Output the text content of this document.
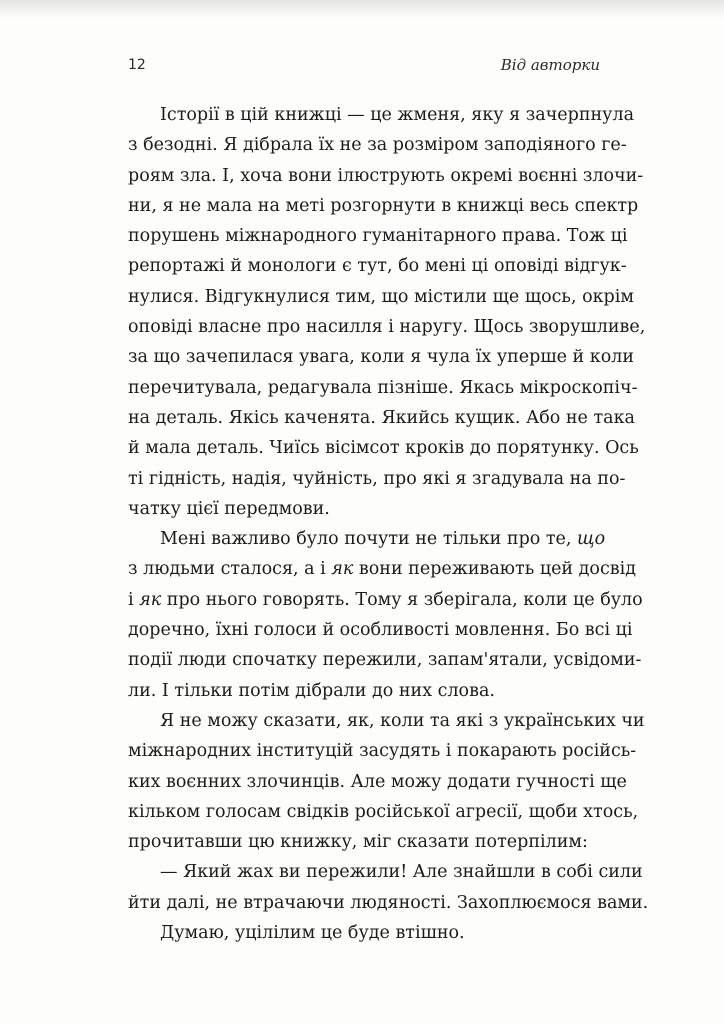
12	Від авторки
Історії в цій книжці — це жменя, яку я зачерпнула
з безодні. Я дібрала їх не за розміром заподіяного ге-
роям зла. І, хоча вони ілюструють окремі воєнні злочи-
ни, я не мала на меті розгорнути в книжці весь спектр
порушень міжнародного гуманітарного права. Тож ці
репортажі й монологи є тут, бо мені ці оповіді відгук-
нулися. Відгукнулися тим, що містили ще щось, окрім
оповіді власне про насилля і наругу. Щось зворушливе,
за що зачепилася увага, коли я чула їх уперше й коли
перечитувала, редагувала пізніше. Якась мікроскопіч-
на деталь. Якісь каченята. Якийсь кущик. Або не така
й мала деталь. Чиїсь вісімсот кроків до порятунку. Ось
ті гідність, надія, чуйність, про які я згадувала на по-
чатку цієї передмови.
Мені важливо було почути не тільки про те, що
з людьми сталося, а і як вони переживають цей досвід
і як про нього говорять. Тому я зберігала, коли це було
доречно, їхні голоси й особливості мовлення. Бо всі ці
події люди спочатку пережили, запам'ятали, усвідоми-
ли. І тільки потім дібрали до них слова.
Я не можу сказати, як, коли та які з українських чи
міжнародних інституцій засудять і покарають російсь-
ких воєнних злочинців. Але можу додати гучності ще
кільком голосам свідків російської агресії, щоби хтось,
прочитавши цю книжку, міг сказати потерпілим:
— Який жах ви пережили! Але знайшли в собі сили
йти далі, не втрачаючи людяності. Захоплюємося вами.
Думаю, уцілілим це буде втішно.
